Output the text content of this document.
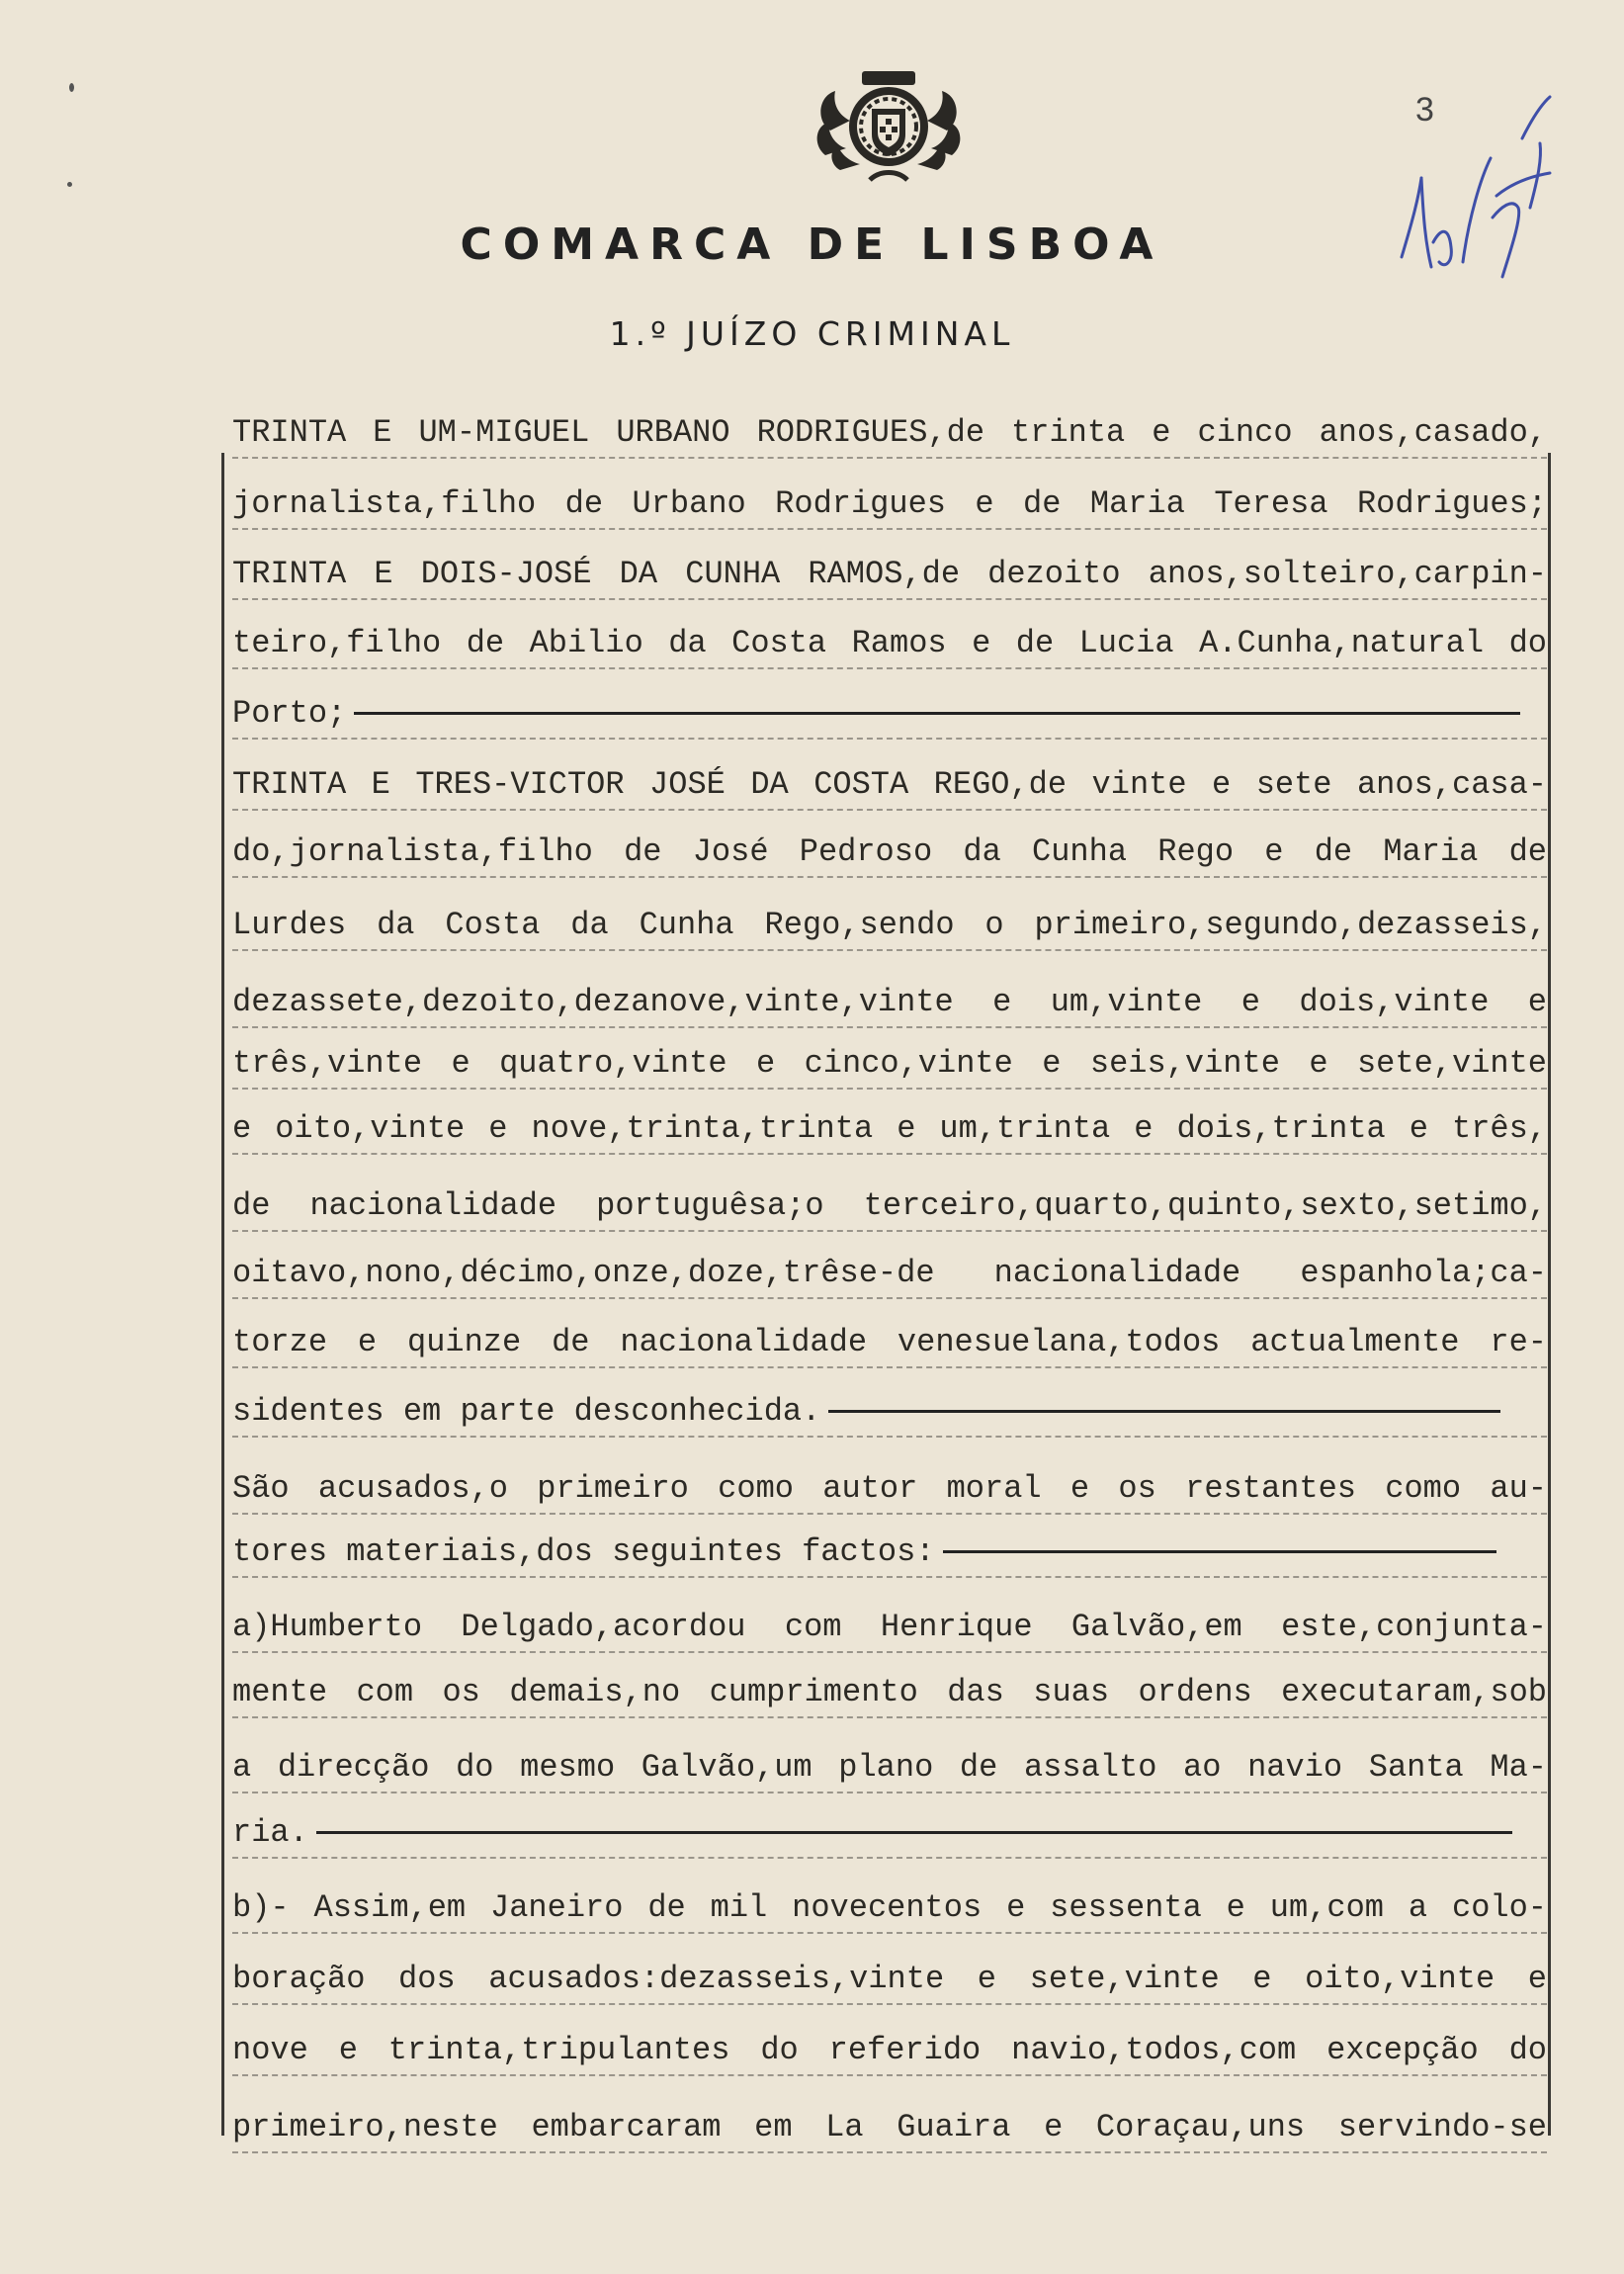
3
COMARCA DE LISBOA
1.º JUÍZO CRIMINAL
TRINTA E UM-MIGUEL URBANO RODRIGUES,de trinta e cinco anos,casado,
jornalista,filho de Urbano Rodrigues e de Maria Teresa Rodrigues;
TRINTA E DOIS-JOSÉ DA CUNHA RAMOS,de dezoito anos,solteiro,carpin-
teiro,filho de Abilio da Costa Ramos e de Lucia A.Cunha,natural do
Porto;
TRINTA E TRES-VICTOR JOSÉ DA COSTA REGO,de vinte e sete anos,casa-
do,jornalista,filho de José Pedroso da Cunha Rego e de Maria de
Lurdes da Costa da Cunha Rego,sendo o primeiro,segundo,dezasseis,
dezassete,dezoito,dezanove,vinte,vinte e um,vinte e dois,vinte e
três,vinte e quatro,vinte e cinco,vinte e seis,vinte e sete,vinte
e oito,vinte e nove,trinta,trinta e um,trinta e dois,trinta e três,
de nacionalidade portuguêsa;o terceiro,quarto,quinto,sexto,setimo,
oitavo,nono,décimo,onze,doze,trêse-de nacionalidade espanhola;ca-
torze e quinze de nacionalidade venesuelana,todos actualmente re-
sidentes em parte desconhecida.
São acusados,o primeiro como autor moral e os restantes como au-
tores materiais,dos seguintes factos:
a)Humberto Delgado,acordou com Henrique Galvão,em este,conjunta-
mente com os demais,no cumprimento das suas ordens executaram,sob
a direcção do mesmo Galvão,um plano de assalto ao navio Santa Ma-
ria.
b)- Assim,em Janeiro de mil novecentos e sessenta e um,com a colo-
boração dos acusados:dezasseis,vinte e sete,vinte e oito,vinte e
nove e trinta,tripulantes do referido navio,todos,com excepção do
primeiro,neste embarcaram em La Guaira e Coraçau,uns servindo-se
